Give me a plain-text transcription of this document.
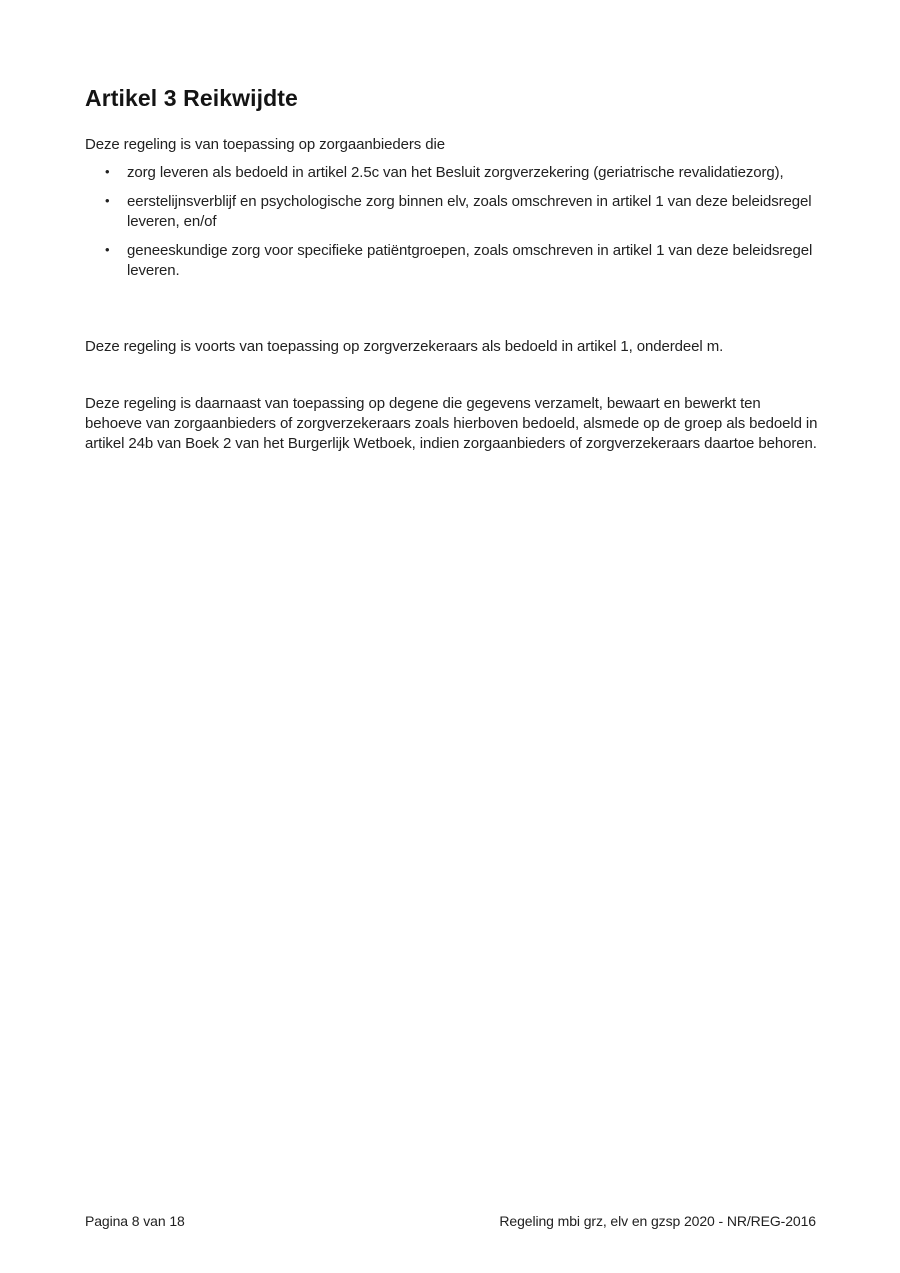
Artikel 3 Reikwijdte

Deze regeling is van toepassing op zorgaanbieders die

• zorg leveren als bedoeld in artikel 2.5c van het Besluit zorgverzekering (geriatrische revalidatiezorg),
• eerstelijnsverblijf en psychologische zorg binnen elv, zoals omschreven in artikel 1 van deze beleidsregel leveren, en/of
• geneeskundige zorg voor specifieke patiëntgroepen, zoals omschreven in artikel 1 van deze beleidsregel leveren.

Deze regeling is voorts van toepassing op zorgverzekeraars als bedoeld in artikel 1, onderdeel m.

Deze regeling is daarnaast van toepassing op degene die gegevens verzamelt, bewaart en bewerkt ten behoeve van zorgaanbieders of zorgverzekeraars zoals hierboven bedoeld, alsmede op de groep als bedoeld in artikel 24b van Boek 2 van het Burgerlijk Wetboek, indien zorgaanbieders of zorgverzekeraars daartoe behoren.

Pagina 8 van 18	Regeling mbi grz, elv en gzsp 2020 - NR/REG-2016
